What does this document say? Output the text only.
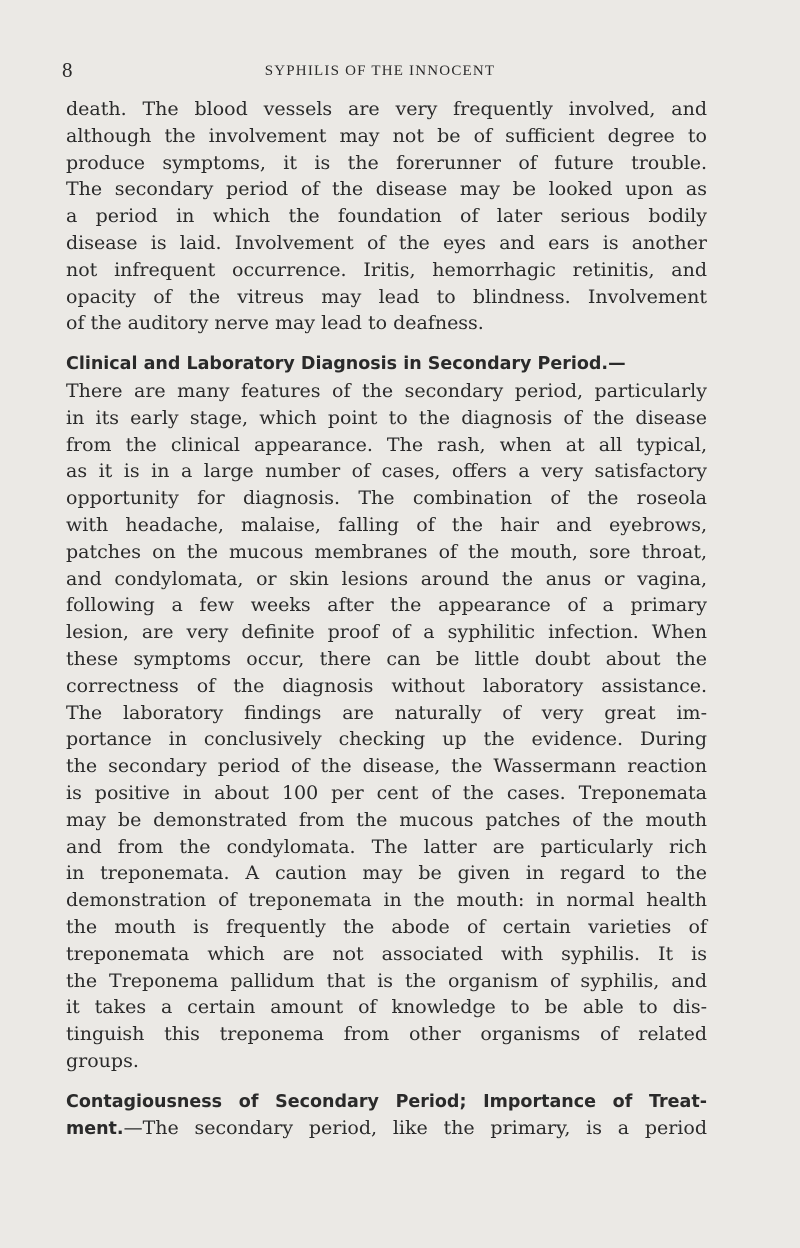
8	SYPHILIS OF THE INNOCENT

death. The blood vessels are very frequently involved, and

although the involvement may not be of sufficient degree to

produce symptoms, it is the forerunner of future trouble.

The secondary period of the disease may be looked upon as

a period in which the foundation of later serious bodily

disease is laid. Involvement of the eyes and ears is another

not infrequent occurrence. Iritis, hemorrhagic retinitis, and

opacity of the vitreus may lead to blindness. Involvement

of the auditory nerve may lead to deafness.

Clinical and Laboratory Diagnosis in Secondary Period.—

There are many features of the secondary period, particularly

in its early stage, which point to the diagnosis of the disease

from the clinical appearance. The rash, when at all typical,

as it is in a large number of cases, offers a very satisfactory

opportunity for diagnosis. The combination of the roseola

with headache, malaise, falling of the hair and eyebrows,

patches on the mucous membranes of the mouth, sore throat,

and condylomata, or skin lesions around the anus or vagina,

following a few weeks after the appearance of a primary

lesion, are very definite proof of a syphilitic infection. When

these symptoms occur, there can be little doubt about the

correctness of the diagnosis without laboratory assistance.

The laboratory findings are naturally of very great im-

portance in conclusively checking up the evidence. During

the secondary period of the disease, the Wassermann reaction

is positive in about 100 per cent of the cases. Treponemata

may be demonstrated from the mucous patches of the mouth

and from the condylomata. The latter are particularly rich

in treponemata. A caution may be given in regard to the

demonstration of treponemata in the mouth: in normal health

the mouth is frequently the abode of certain varieties of

treponemata which are not associated with syphilis. It is

the Treponema pallidum that is the organism of syphilis, and

it takes a certain amount of knowledge to be able to dis-

tinguish this treponema from other organisms of related

groups.

Contagiousness of Secondary Period; Importance of Treat-

ment.—The secondary period, like the primary, is a period
